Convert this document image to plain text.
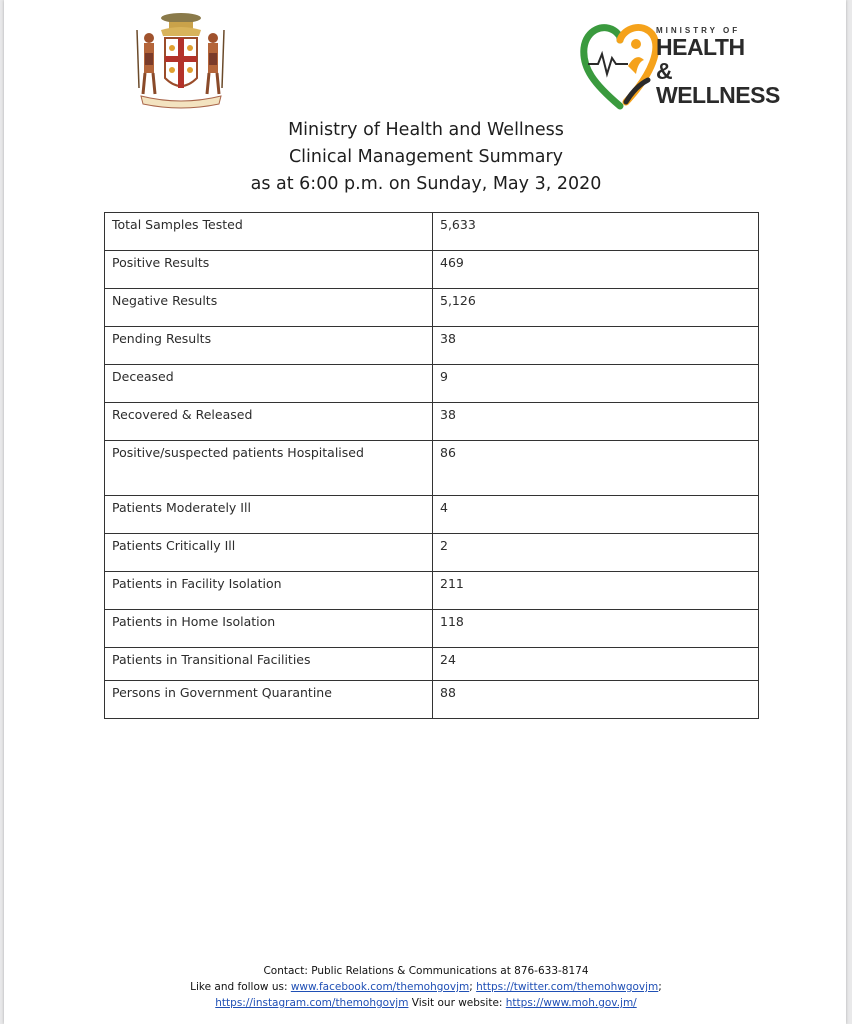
MINISTRY OF
HEALTH &
WELLNESS
Ministry of Health and Wellness
Clinical Management Summary
as at 6:00 p.m. on Sunday, May 3, 2020
Total Samples Tested	5,633
Positive Results	469
Negative Results	5,126
Pending Results	38
Deceased	9
Recovered & Released	38
Positive/suspected patients Hospitalised	86
Patients Moderately Ill	4
Patients Critically Ill	2
Patients in Facility Isolation	211
Patients in Home Isolation	118
Patients in Transitional Facilities	24
Persons in Government Quarantine	88
Contact: Public Relations & Communications at 876-633-8174
Like and follow us: www.facebook.com/themohgovjm; https://twitter.com/themohwgovjm;
https://instagram.com/themohgovjm Visit our website: https://www.moh.gov.jm/
